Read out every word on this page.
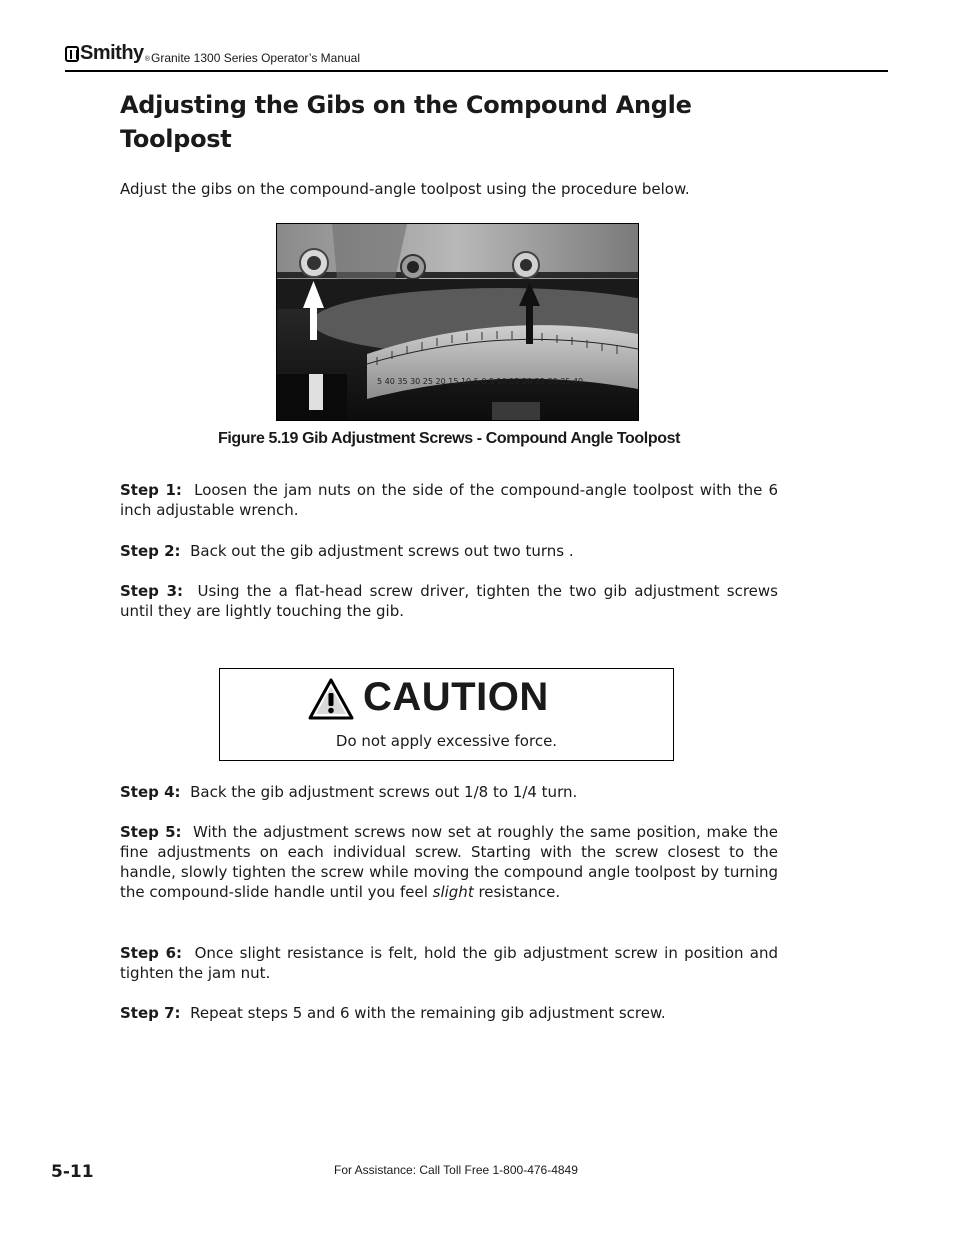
Smithy ® Granite 1300 Series Operator’s Manual
Adjusting the Gibs on the Compound Angle Toolpost

Adjust the gibs on the compound-angle toolpost using the procedure below.

5 40 35 30 25 20 15 10 5 0 5 10 15 20 25 30 35 40
Figure 5.19 Gib Adjustment Screws - Compound Angle Toolpost

Step 1: Loosen the jam nuts on the side of the compound-angle toolpost with the 6 inch adjustable wrench.

Step 2: Back out the gib adjustment screws out two turns .

Step 3: Using the a flat-head screw driver, tighten the two gib adjustment screws until they are lightly touching the gib.

CAUTION
Do not apply excessive force.

Step 4: Back the gib adjustment screws out 1/8 to 1/4 turn.

Step 5: With the adjustment screws now set at roughly the same position, make the fine adjustments on each individual screw. Starting with the screw closest to the handle, slowly tighten the screw while moving the compound angle toolpost by turning the compound-slide handle until you feel slight resistance.

Step 6: Once slight resistance is felt, hold the gib adjustment screw in position and tighten the jam nut.

Step 7: Repeat steps 5 and 6 with the remaining gib adjustment screw.

5-11	For Assistance: Call Toll Free 1-800-476-4849
